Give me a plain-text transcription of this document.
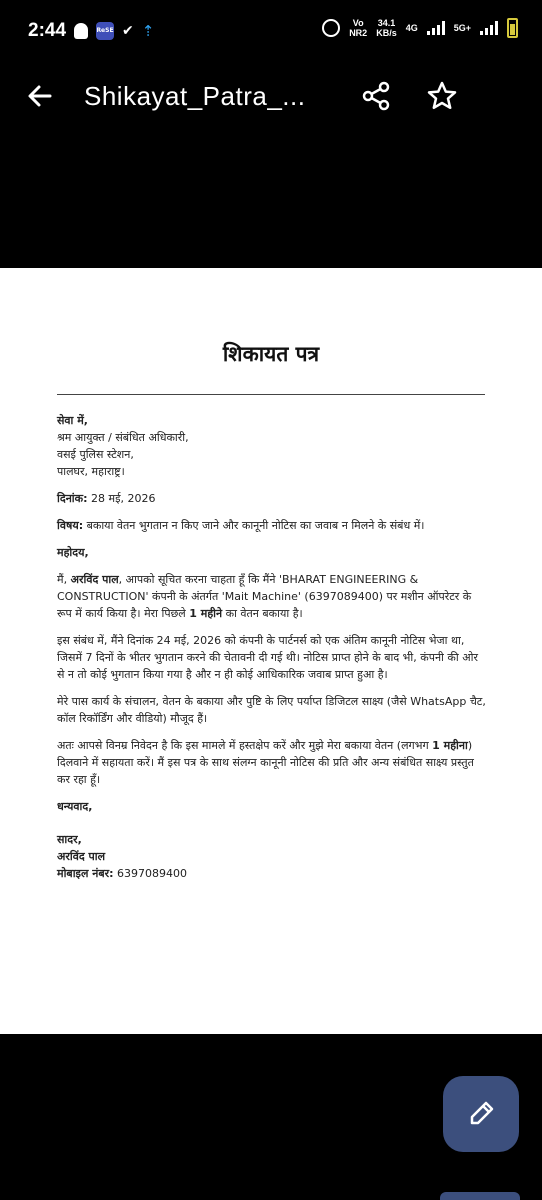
2:44	ReSE ✔ ⇡	Vo
NR2
34.1
KB/s 4G	5G+
Shikayat_Patra_...
शिकायत पत्र

सेवा में,
श्रम आयुक्त / संबंधित अधिकारी,
वसई पुलिस स्टेशन,
पालघर, महाराष्ट्र।

दिनांक: 28 मई, 2026

विषय: बकाया वेतन भुगतान न किए जाने और कानूनी नोटिस का जवाब न मिलने के संबंध में।

महोदय,

मैं, अरविंद पाल, आपको सूचित करना चाहता हूँ कि मैंने 'BHARAT ENGINEERING & CONSTRUCTION' कंपनी के अंतर्गत 'Mait Machine' (6397089400) पर मशीन ऑपरेटर के रूप में कार्य किया है। मेरा पिछले 1 महीने का वेतन बकाया है।

इस संबंध में, मैंने दिनांक 24 मई, 2026 को कंपनी के पार्टनर्स को एक अंतिम कानूनी नोटिस भेजा था, जिसमें 7 दिनों के भीतर भुगतान करने की चेतावनी दी गई थी। नोटिस प्राप्त होने के बाद भी, कंपनी की ओर से न तो कोई भुगतान किया गया है और न ही कोई आधिकारिक जवाब प्राप्त हुआ है।

मेरे पास कार्य के संचालन, वेतन के बकाया और पुष्टि के लिए पर्याप्त डिजिटल साक्ष्य (जैसे WhatsApp चैट, कॉल रिकॉर्डिंग और वीडियो) मौजूद हैं।

अतः आपसे विनम्र निवेदन है कि इस मामले में हस्तक्षेप करें और मुझे मेरा बकाया वेतन (लगभग 1 महीना) दिलवाने में सहायता करें। मैं इस पत्र के साथ संलग्न कानूनी नोटिस की प्रति और अन्य संबंधित साक्ष्य प्रस्तुत कर रहा हूँ।

धन्यवाद,

सादर,
अरविंद पाल
मोबाइल नंबर: 6397089400
